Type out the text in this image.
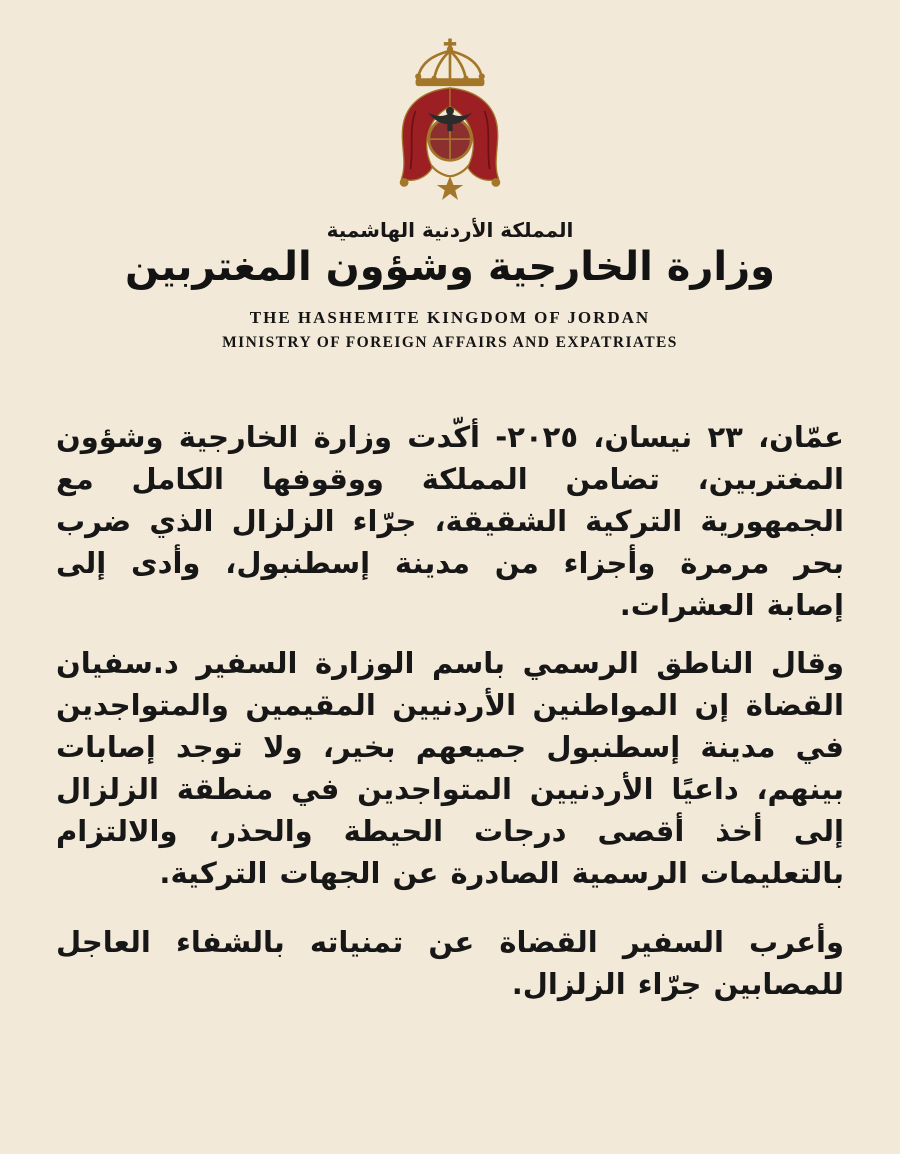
المملكة الأردنية الهاشمية
وزارة الخارجية وشؤون المغتربين
THE HASHEMITE KINGDOM OF JORDAN
MINISTRY OF FOREIGN AFFAIRS AND EXPATRIATES

عمّان، ٢٣ نيسان، ٢٠٢٥- أكّدت وزارة الخارجية وشؤون المغتربين، تضامن المملكة ووقوفها الكامل مع الجمهورية التركية الشقيقة، جرّاء الزلزال الذي ضرب بحر مرمرة وأجزاء من مدينة إسطنبول، وأدى إلى إصابة العشرات.

وقال الناطق الرسمي باسم الوزارة السفير د.سفيان القضاة إن المواطنين الأردنيين المقيمين والمتواجدين في مدينة إسطنبول جميعهم بخير، ولا توجد إصابات بينهم، داعيًا الأردنيين المتواجدين في منطقة الزلزال إلى أخذ أقصى درجات الحيطة والحذر، والالتزام بالتعليمات الرسمية الصادرة عن الجهات التركية.

وأعرب السفير القضاة عن تمنياته بالشفاء العاجل للمصابين جرّاء الزلزال.
